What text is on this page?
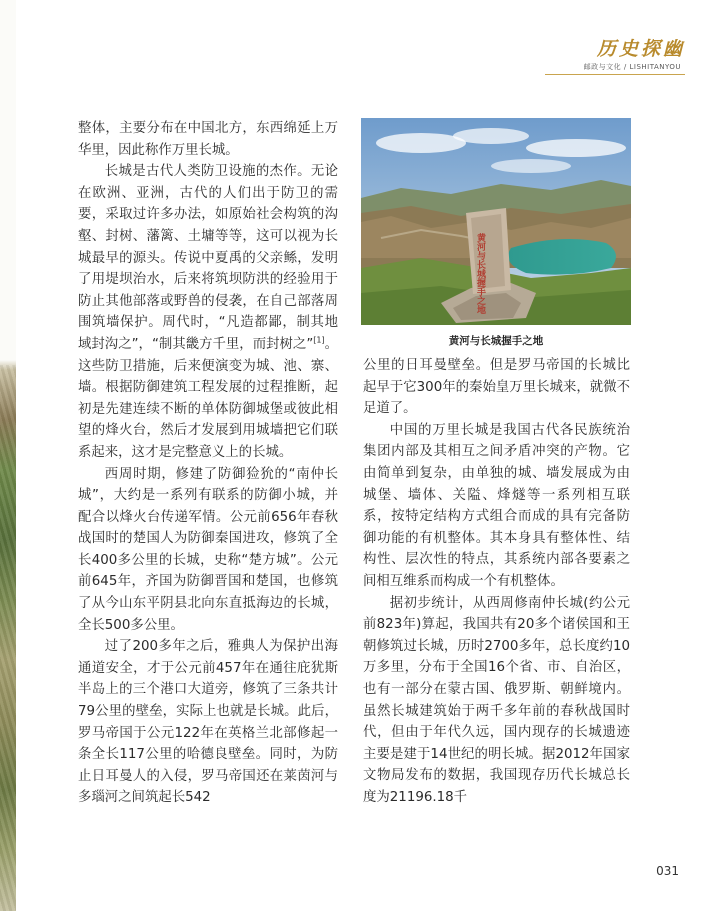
历史探幽
邮政与文化 / LISHITANYOU

整体，主要分布在中国北方，东西绵延上万华里，因此称作万里长城。

长城是古代人类防卫设施的杰作。无论在欧洲、亚洲，古代的人们出于防卫的需要，采取过许多办法，如原始社会构筑的沟壑、封树、藩篱、土墉等等，这可以视为长城最早的源头。传说中夏禹的父亲鲧，发明了用堤坝治水，后来将筑坝防洪的经验用于防止其他部落或野兽的侵袭，在自己部落周围筑墙保护。周代时，“凡造都鄙，制其地域封沟之”，“制其畿方千里，而封树之”[1]。这些防卫措施，后来便演变为城、池、寨、墙。根据防御建筑工程发展的过程推断，起初是先建连续不断的单体防御城堡或彼此相望的烽火台，然后才发展到用城墙把它们联系起来，这才是完整意义上的长城。

西周时期，修建了防御猃狁的“南仲长城”，大约是一系列有联系的防御小城，并配合以烽火台传递军情。公元前656年春秋战国时的楚国人为防御秦国进攻，修筑了全长400多公里的长城，史称“楚方城”。公元前645年，齐国为防御晋国和楚国，也修筑了从今山东平阴县北向东直抵海边的长城，全长500多公里。

过了200多年之后，雅典人为保护出海通道安全，才于公元前457年在通往庇犹斯半岛上的三个港口大道旁，修筑了三条共计79公里的壁垒，实际上也就是长城。此后，罗马帝国于公元122年在英格兰北部修起一条全长117公里的哈德良壁垒。同时，为防止日耳曼人的入侵，罗马帝国还在莱茵河与多瑙河之间筑起长542

黄河与长城握手之地
黄河与长城握手之地

公里的日耳曼壁垒。但是罗马帝国的长城比起早于它300年的秦始皇万里长城来，就微不足道了。

中国的万里长城是我国古代各民族统治集团内部及其相互之间矛盾冲突的产物。它由简单到复杂，由单独的城、墙发展成为由城堡、墙体、关隘、烽燧等一系列相互联系，按特定结构方式组合而成的具有完备防御功能的有机整体。其本身具有整体性、结构性、层次性的特点，其系统内部各要素之间相互维系而构成一个有机整体。

据初步统计，从西周修南仲长城(约公元前823年)算起，我国共有20多个诸侯国和王朝修筑过长城，历时2700多年，总长度约10万多里，分布于全国16个省、市、自治区，也有一部分在蒙古国、俄罗斯、朝鲜境内。虽然长城建筑始于两千多年前的春秋战国时代，但由于年代久远，国内现存的长城遗迹主要是建于14世纪的明长城。据2012年国家文物局发布的数据，我国现存历代长城总长度为21196.18千

031
